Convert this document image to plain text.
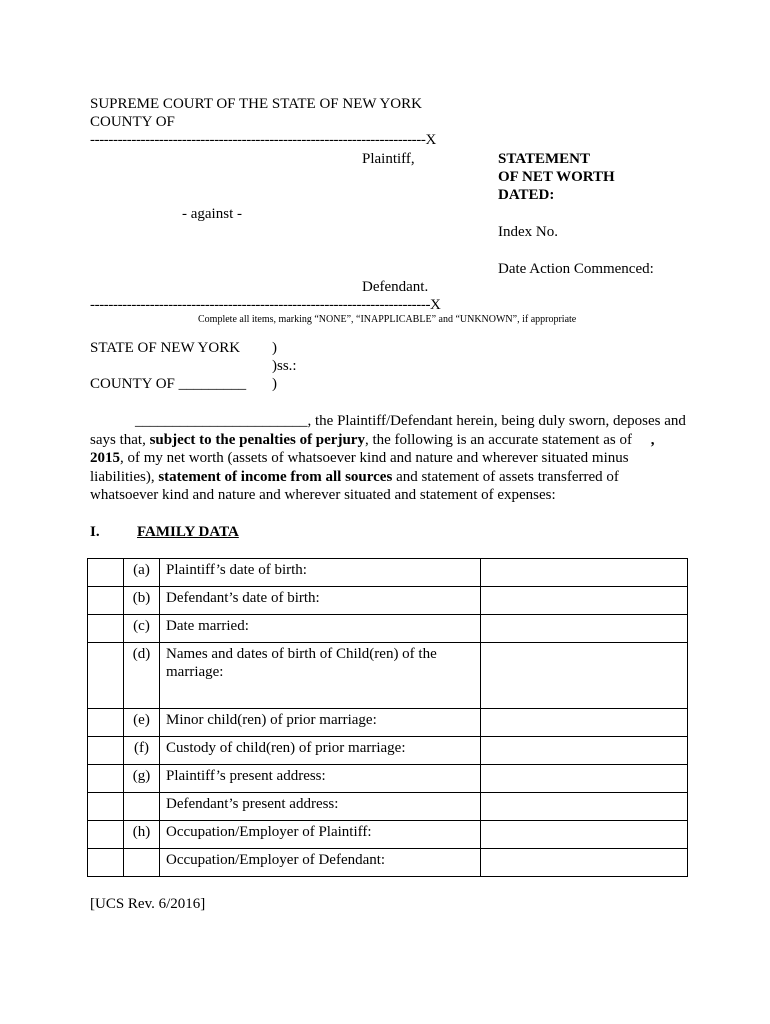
SUPREME COURT OF THE STATE OF NEW YORK
COUNTY OF
-------------------------------------------------------------------------X
Plaintiff,
- against -
Defendant.
STATEMENT
OF NET WORTH
DATED:
Index No.
Date Action Commenced:
--------------------------------------------------------------------------X
Complete all items, marking “NONE”, “INAPPLICABLE” and “UNKNOWN”, if appropriate
STATE OF NEW YORK )
)ss.:
COUNTY OF _________ )
_______________________, the Plaintiff/Defendant herein, being duly sworn, deposes and says that, subject to the penalties of perjury, the following is an accurate statement as of     , 2015, of my net worth (assets of whatsoever kind and nature and wherever situated minus liabilities), statement of income from all sources and statement of assets transferred of whatsoever kind and nature and wherever situated and statement of expenses:
I. FAMILY DATA
	(a)	Plaintiff’s date of birth:	
	(b)	Defendant’s date of birth:	
	(c)	Date married:	
	(d)	Names and dates of birth of Child(ren) of the marriage:	
	(e)	Minor child(ren) of prior marriage:	
	(f)	Custody of child(ren) of prior marriage:	
	(g)	Plaintiff’s present address:	
		Defendant’s present address:	
	(h)	Occupation/Employer of Plaintiff:	
		Occupation/Employer of Defendant:	
[UCS Rev. 6/2016]
